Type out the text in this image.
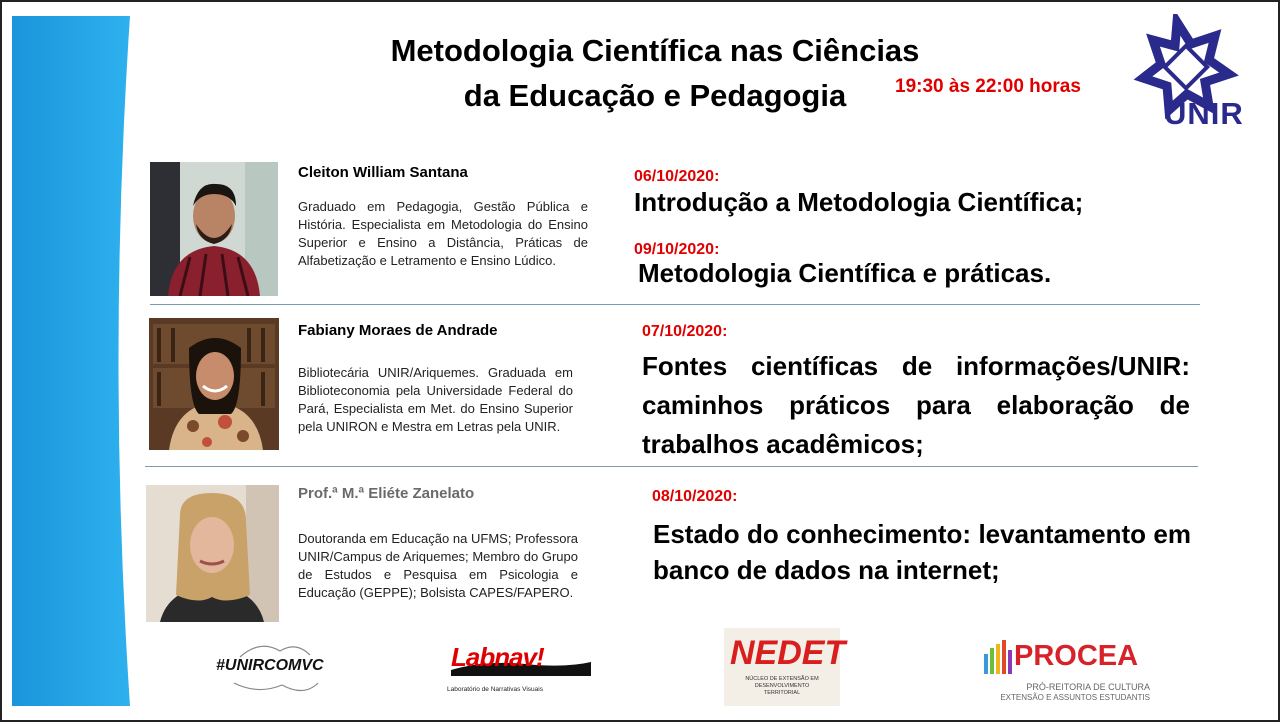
Metodologia Científica nas Ciências
da Educação e Pedagogia	19:30 às 22:00 horas
UNIR
Cleiton William Santana
Graduado em Pedagogia, Gestão Pública e História. Especialista em Metodologia do Ensino Superior e Ensino a Distância, Práticas de Alfabetização e Letramento e Ensino Lúdico.
06/10/2020:
Introdução a Metodologia Científica;
09/10/2020:
Metodologia Científica e práticas.
Fabiany Moraes de Andrade
Bibliotecária UNIR/Ariquemes. Graduada em Biblioteconomia pela Universidade Federal do Pará, Especialista em Met. do Ensino Superior pela UNIRON e Mestra em Letras pela UNIR.
07/10/2020:
Fontes científicas de informações/UNIR: caminhos práticos para elaboração de trabalhos acadêmicos;
Prof.ª M.ª Eliéte Zanelato
Doutoranda em Educação na UFMS; Professora UNIR/Campus de Ariquemes; Membro do Grupo de Estudos e Pesquisa em Psicologia e Educação (GEPPE); Bolsista CAPES/FAPERO.
08/10/2020:
Estado do conhecimento: levantamento em banco de dados na internet;
#UNIRCOMVC	Labnav!
Laboratório de Narrativas Visuais
NEDET
NÚCLEO DE EXTENSÃO EM DESENVOLVIMENTO TERRITORIAL
PROCEA
PRÓ-REITORIA DE CULTURA
EXTENSÃO E ASSUNTOS ESTUDANTIS
